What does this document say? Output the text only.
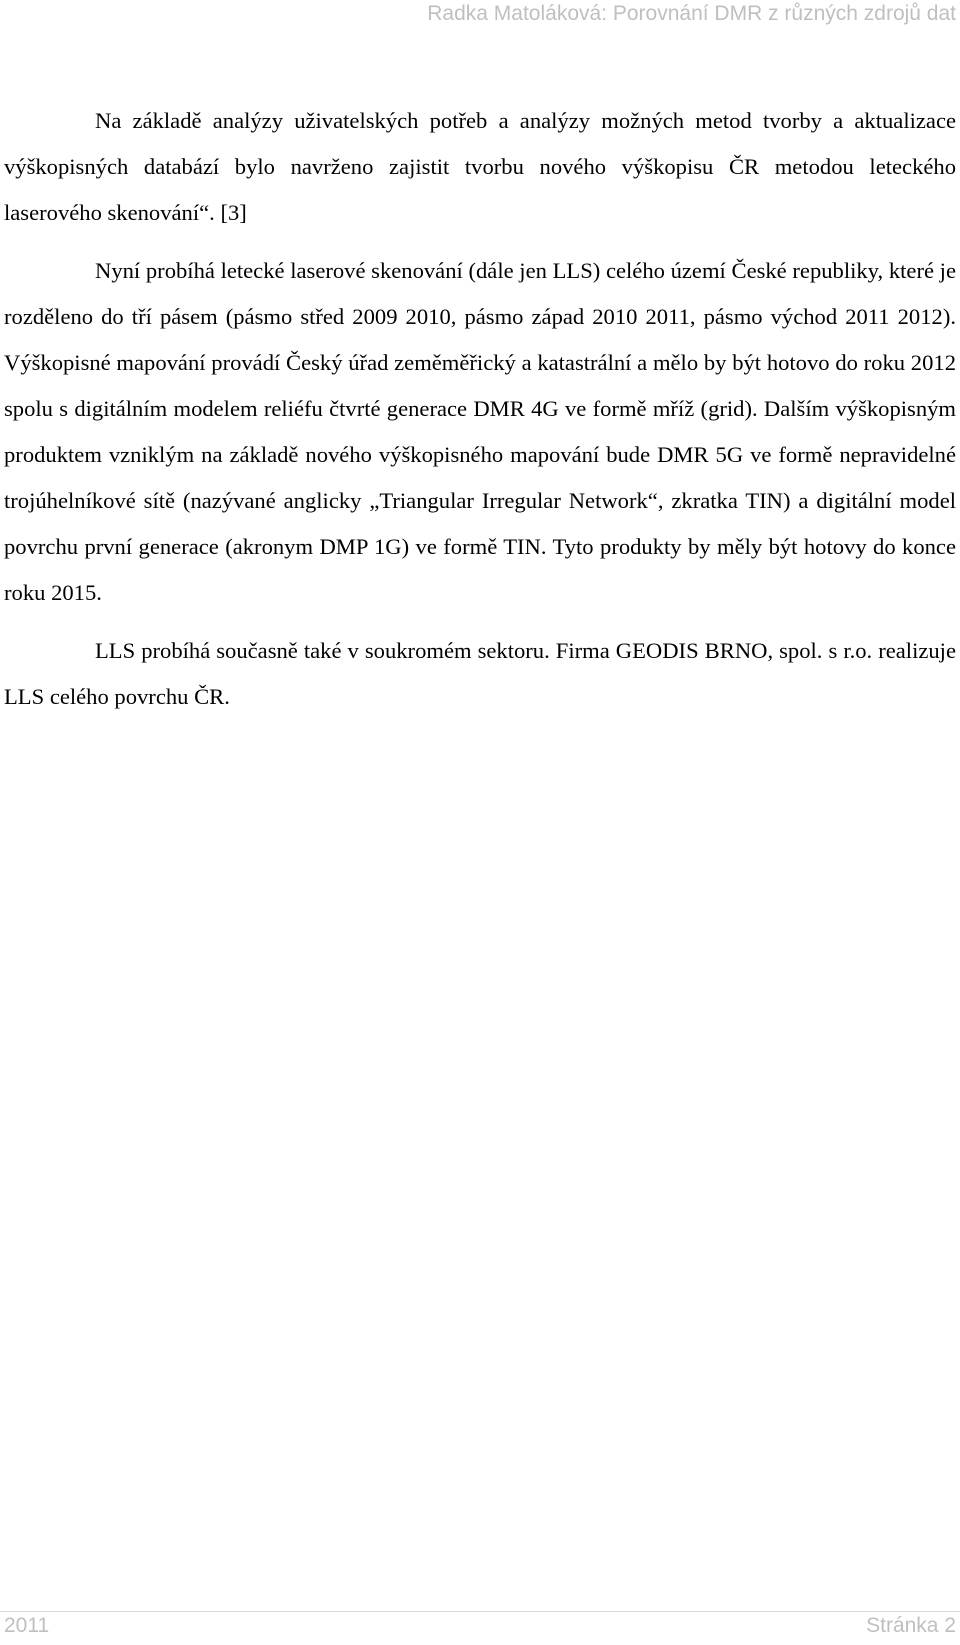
Radka Matoláková: Porovnání DMR z různých zdrojů dat

Na základě analýzy uživatelských potřeb a analýzy možných metod tvorby a aktualizace výškopisných databází bylo navrženo zajistit tvorbu nového výškopisu ČR metodou leteckého laserového skenování“. [3]

Nyní probíhá letecké laserové skenování (dále jen LLS) celého území České republiky, které je rozděleno do tří pásem (pásmo střed 2009 2010, pásmo západ 2010 2011, pásmo východ 2011 2012). Výškopisné mapování provádí Český úřad zeměměřický a katastrální a mělo by být hotovo do roku 2012 spolu s digitálním modelem reliéfu čtvrté generace DMR 4G ve formě mříž (grid). Dalším výškopisným produktem vzniklým na základě nového výškopisného mapování bude DMR 5G ve formě nepravidelné trojúhelníkové sítě (nazývané anglicky „Triangular Irregular Network“, zkratka TIN) a digitální model povrchu první generace (akronym DMP 1G) ve formě TIN. Tyto produkty by měly být hotovy do konce roku 2015.

LLS probíhá současně také v soukromém sektoru. Firma GEODIS BRNO, spol. s r.o. realizuje LLS celého povrchu ČR.

2011	Stránka 2
